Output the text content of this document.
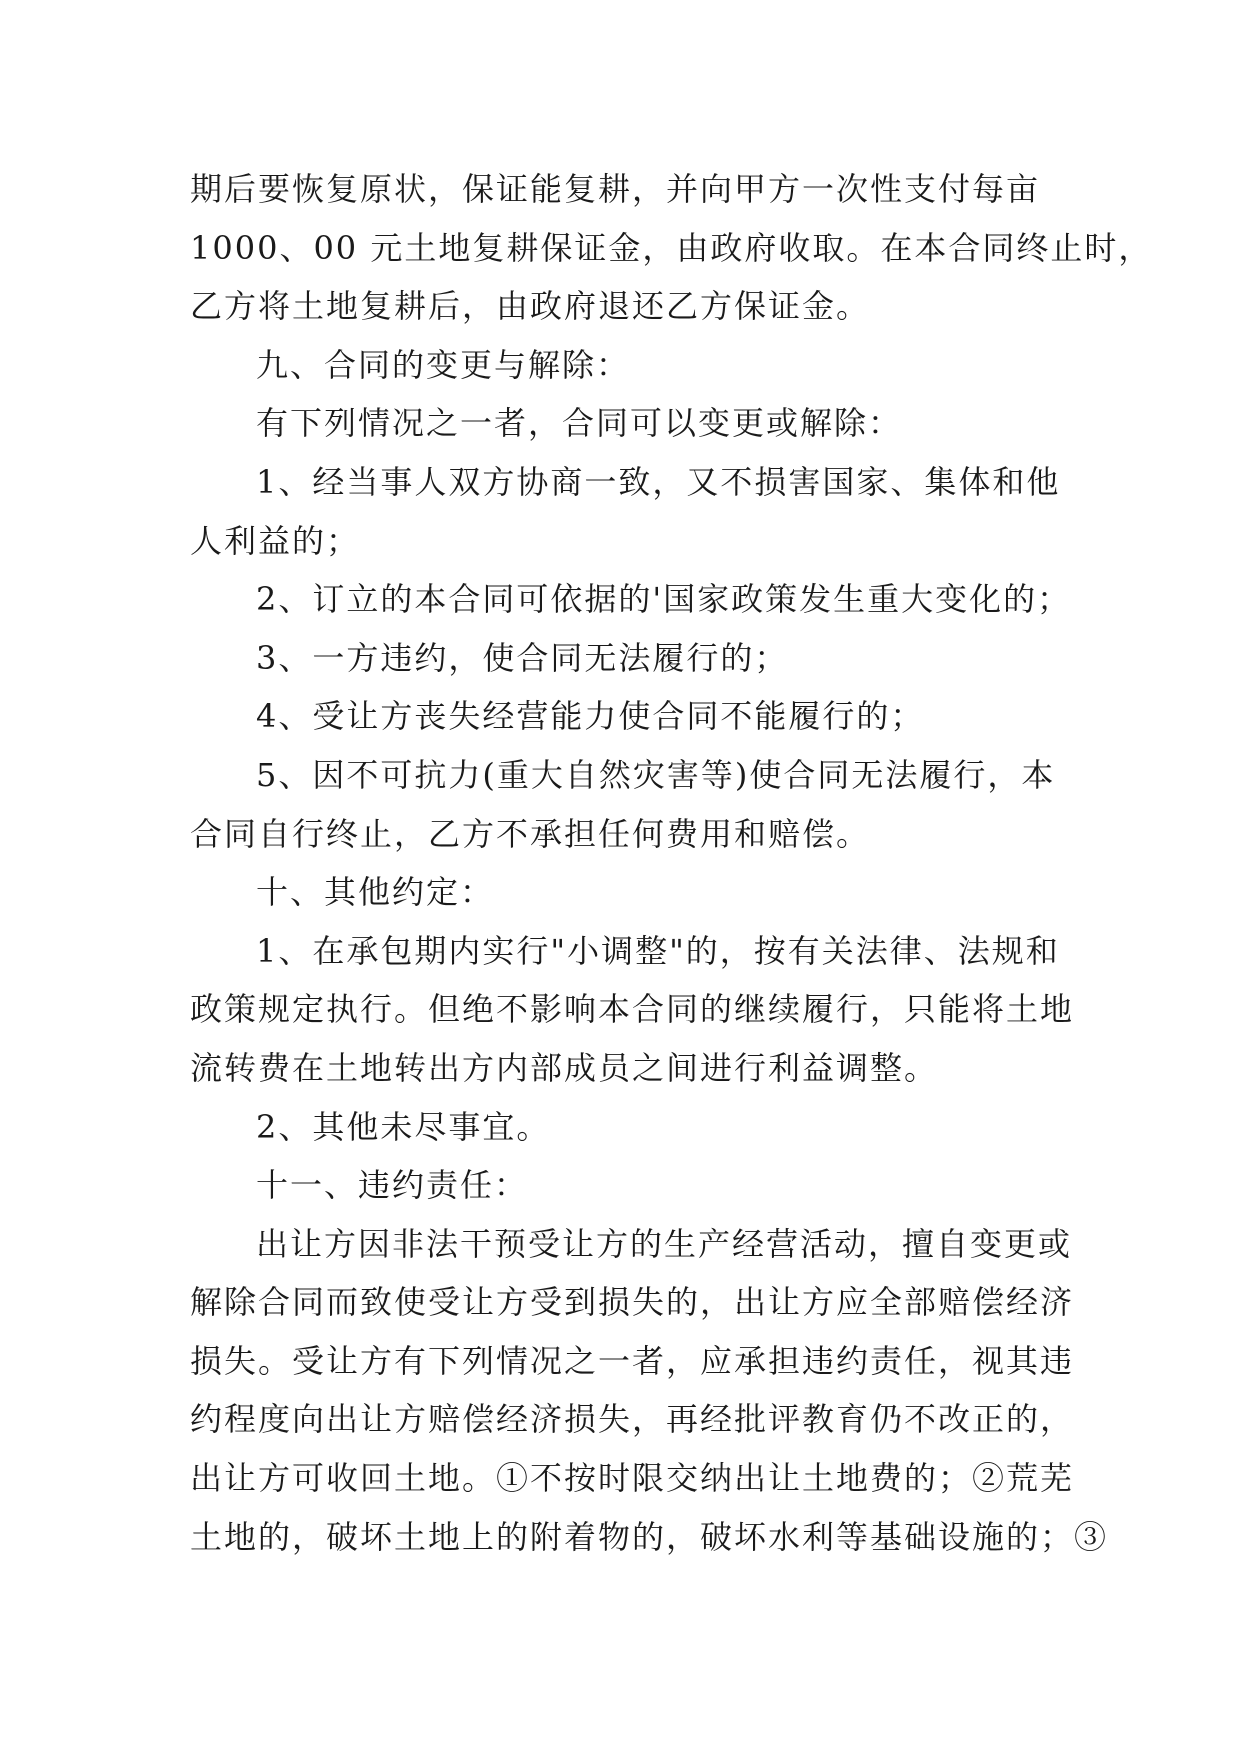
期后要恢复原状，保证能复耕，并向甲方一次性支付每亩
1000、00 元土地复耕保证金，由政府收取。在本合同终止时，
乙方将土地复耕后，由政府退还乙方保证金。
九、合同的变更与解除：
有下列情况之一者，合同可以变更或解除：
1、经当事人双方协商一致，又不损害国家、集体和他
人利益的；
2、订立的本合同可依据的'国家政策发生重大变化的；
3、一方违约，使合同无法履行的；
4、受让方丧失经营能力使合同不能履行的；
5、因不可抗力(重大自然灾害等)使合同无法履行，本
合同自行终止，乙方不承担任何费用和赔偿。
十、其他约定：
1、在承包期内实行"小调整"的，按有关法律、法规和
政策规定执行。但绝不影响本合同的继续履行，只能将土地
流转费在土地转出方内部成员之间进行利益调整。
2、其他未尽事宜。
十一、违约责任：
出让方因非法干预受让方的生产经营活动，擅自变更或
解除合同而致使受让方受到损失的，出让方应全部赔偿经济
损失。受让方有下列情况之一者，应承担违约责任，视其违
约程度向出让方赔偿经济损失，再经批评教育仍不改正的，
出让方可收回土地。①不按时限交纳出让土地费的；②荒芜
土地的，破坏土地上的附着物的，破坏水利等基础设施的；③
